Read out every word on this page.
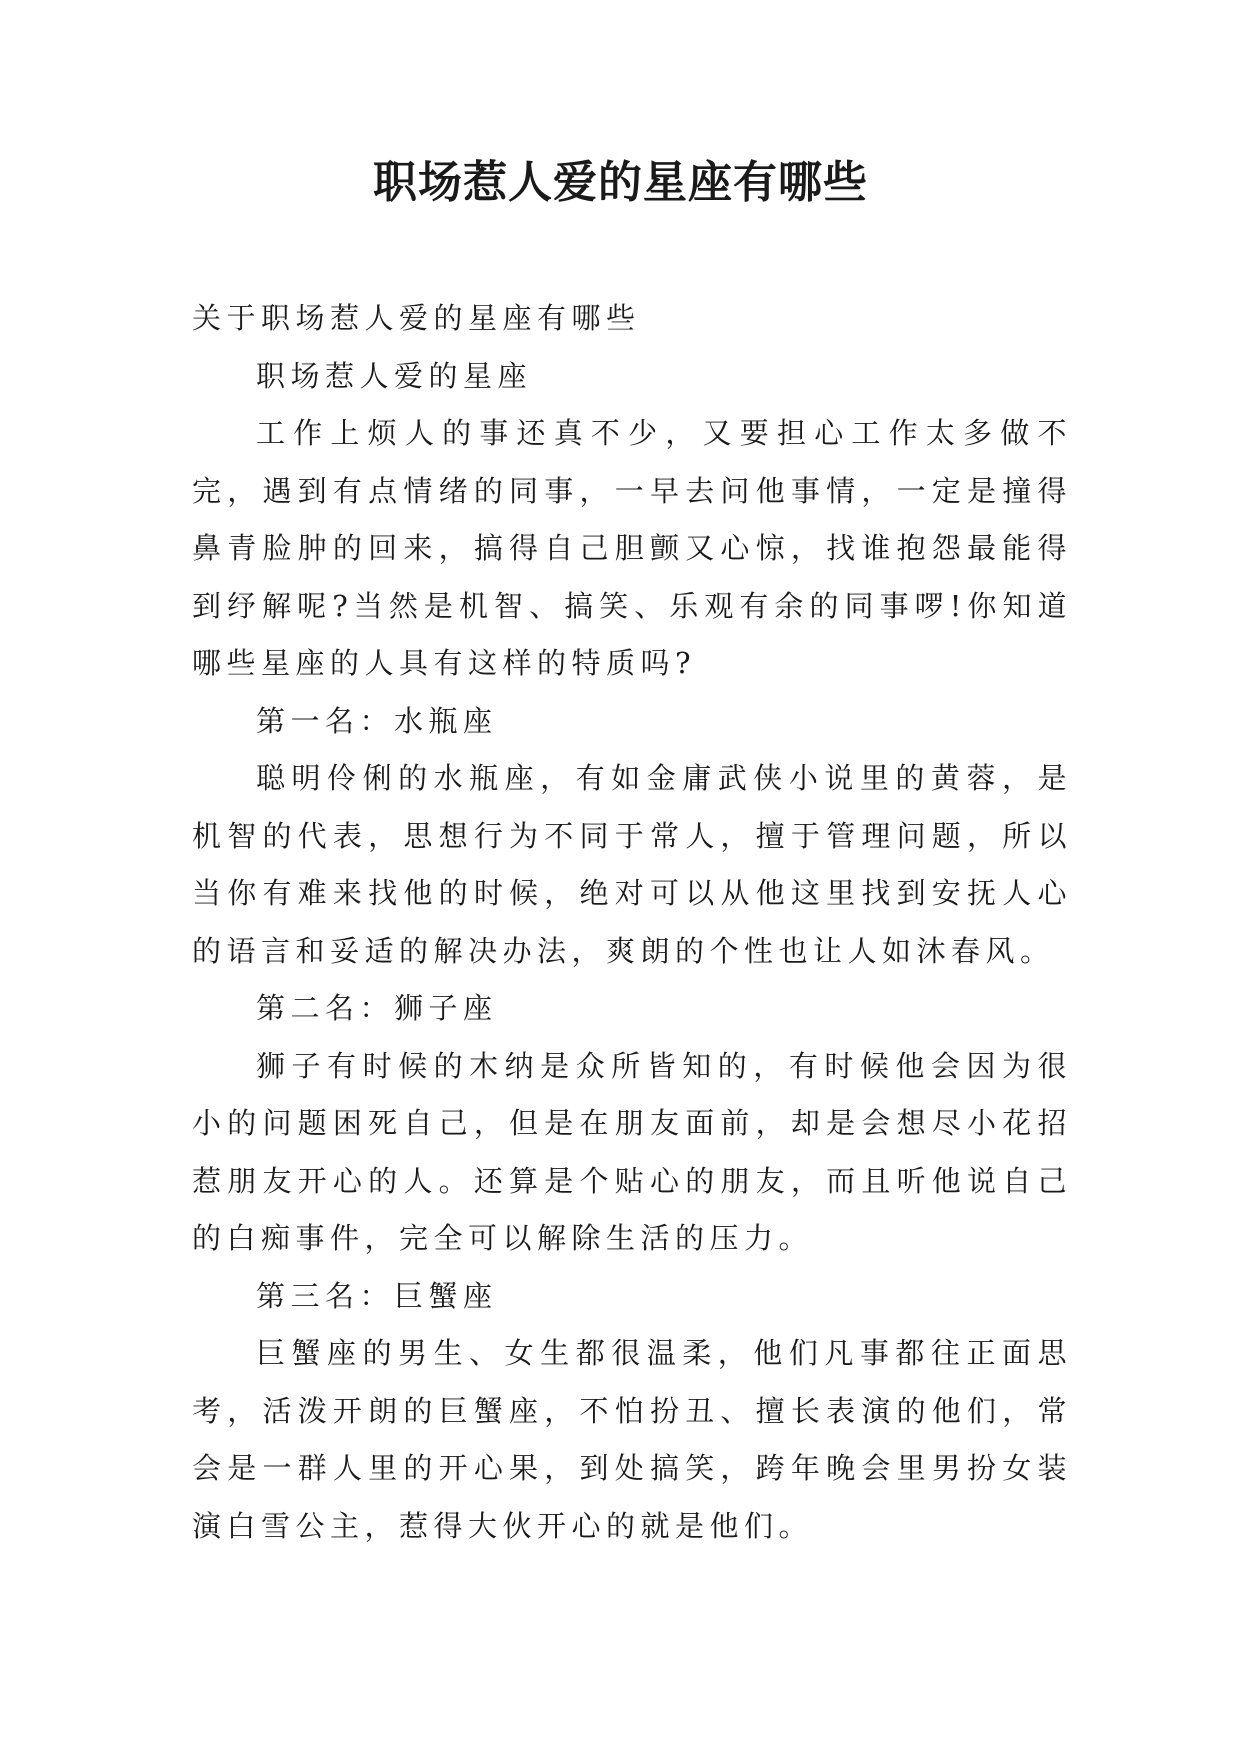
职场惹人爱的星座有哪些

关于职场惹人爱的星座有哪些

职场惹人爱的星座

工作上烦人的事还真不少，又要担心工作太多做不完，遇到有点情绪的同事，一早去问他事情，一定是撞得鼻青脸肿的回来，搞得自己胆颤又心惊，找谁抱怨最能得到纾解呢?当然是机智、搞笑、乐观有余的同事啰!你知道哪些星座的人具有这样的特质吗?

第一名：水瓶座

聪明伶俐的水瓶座，有如金庸武侠小说里的黄蓉，是机智的代表，思想行为不同于常人，擅于管理问题，所以当你有难来找他的时候，绝对可以从他这里找到安抚人心的语言和妥适的解决办法，爽朗的个性也让人如沐春风。

第二名：狮子座

狮子有时候的木纳是众所皆知的，有时候他会因为很小的问题困死自己，但是在朋友面前，却是会想尽小花招惹朋友开心的人。还算是个贴心的朋友，而且听他说自己的白痴事件，完全可以解除生活的压力。

第三名：巨蟹座

巨蟹座的男生、女生都很温柔，他们凡事都往正面思考，活泼开朗的巨蟹座，不怕扮丑、擅长表演的他们，常会是一群人里的开心果，到处搞笑，跨年晚会里男扮女装演白雪公主，惹得大伙开心的就是他们。
